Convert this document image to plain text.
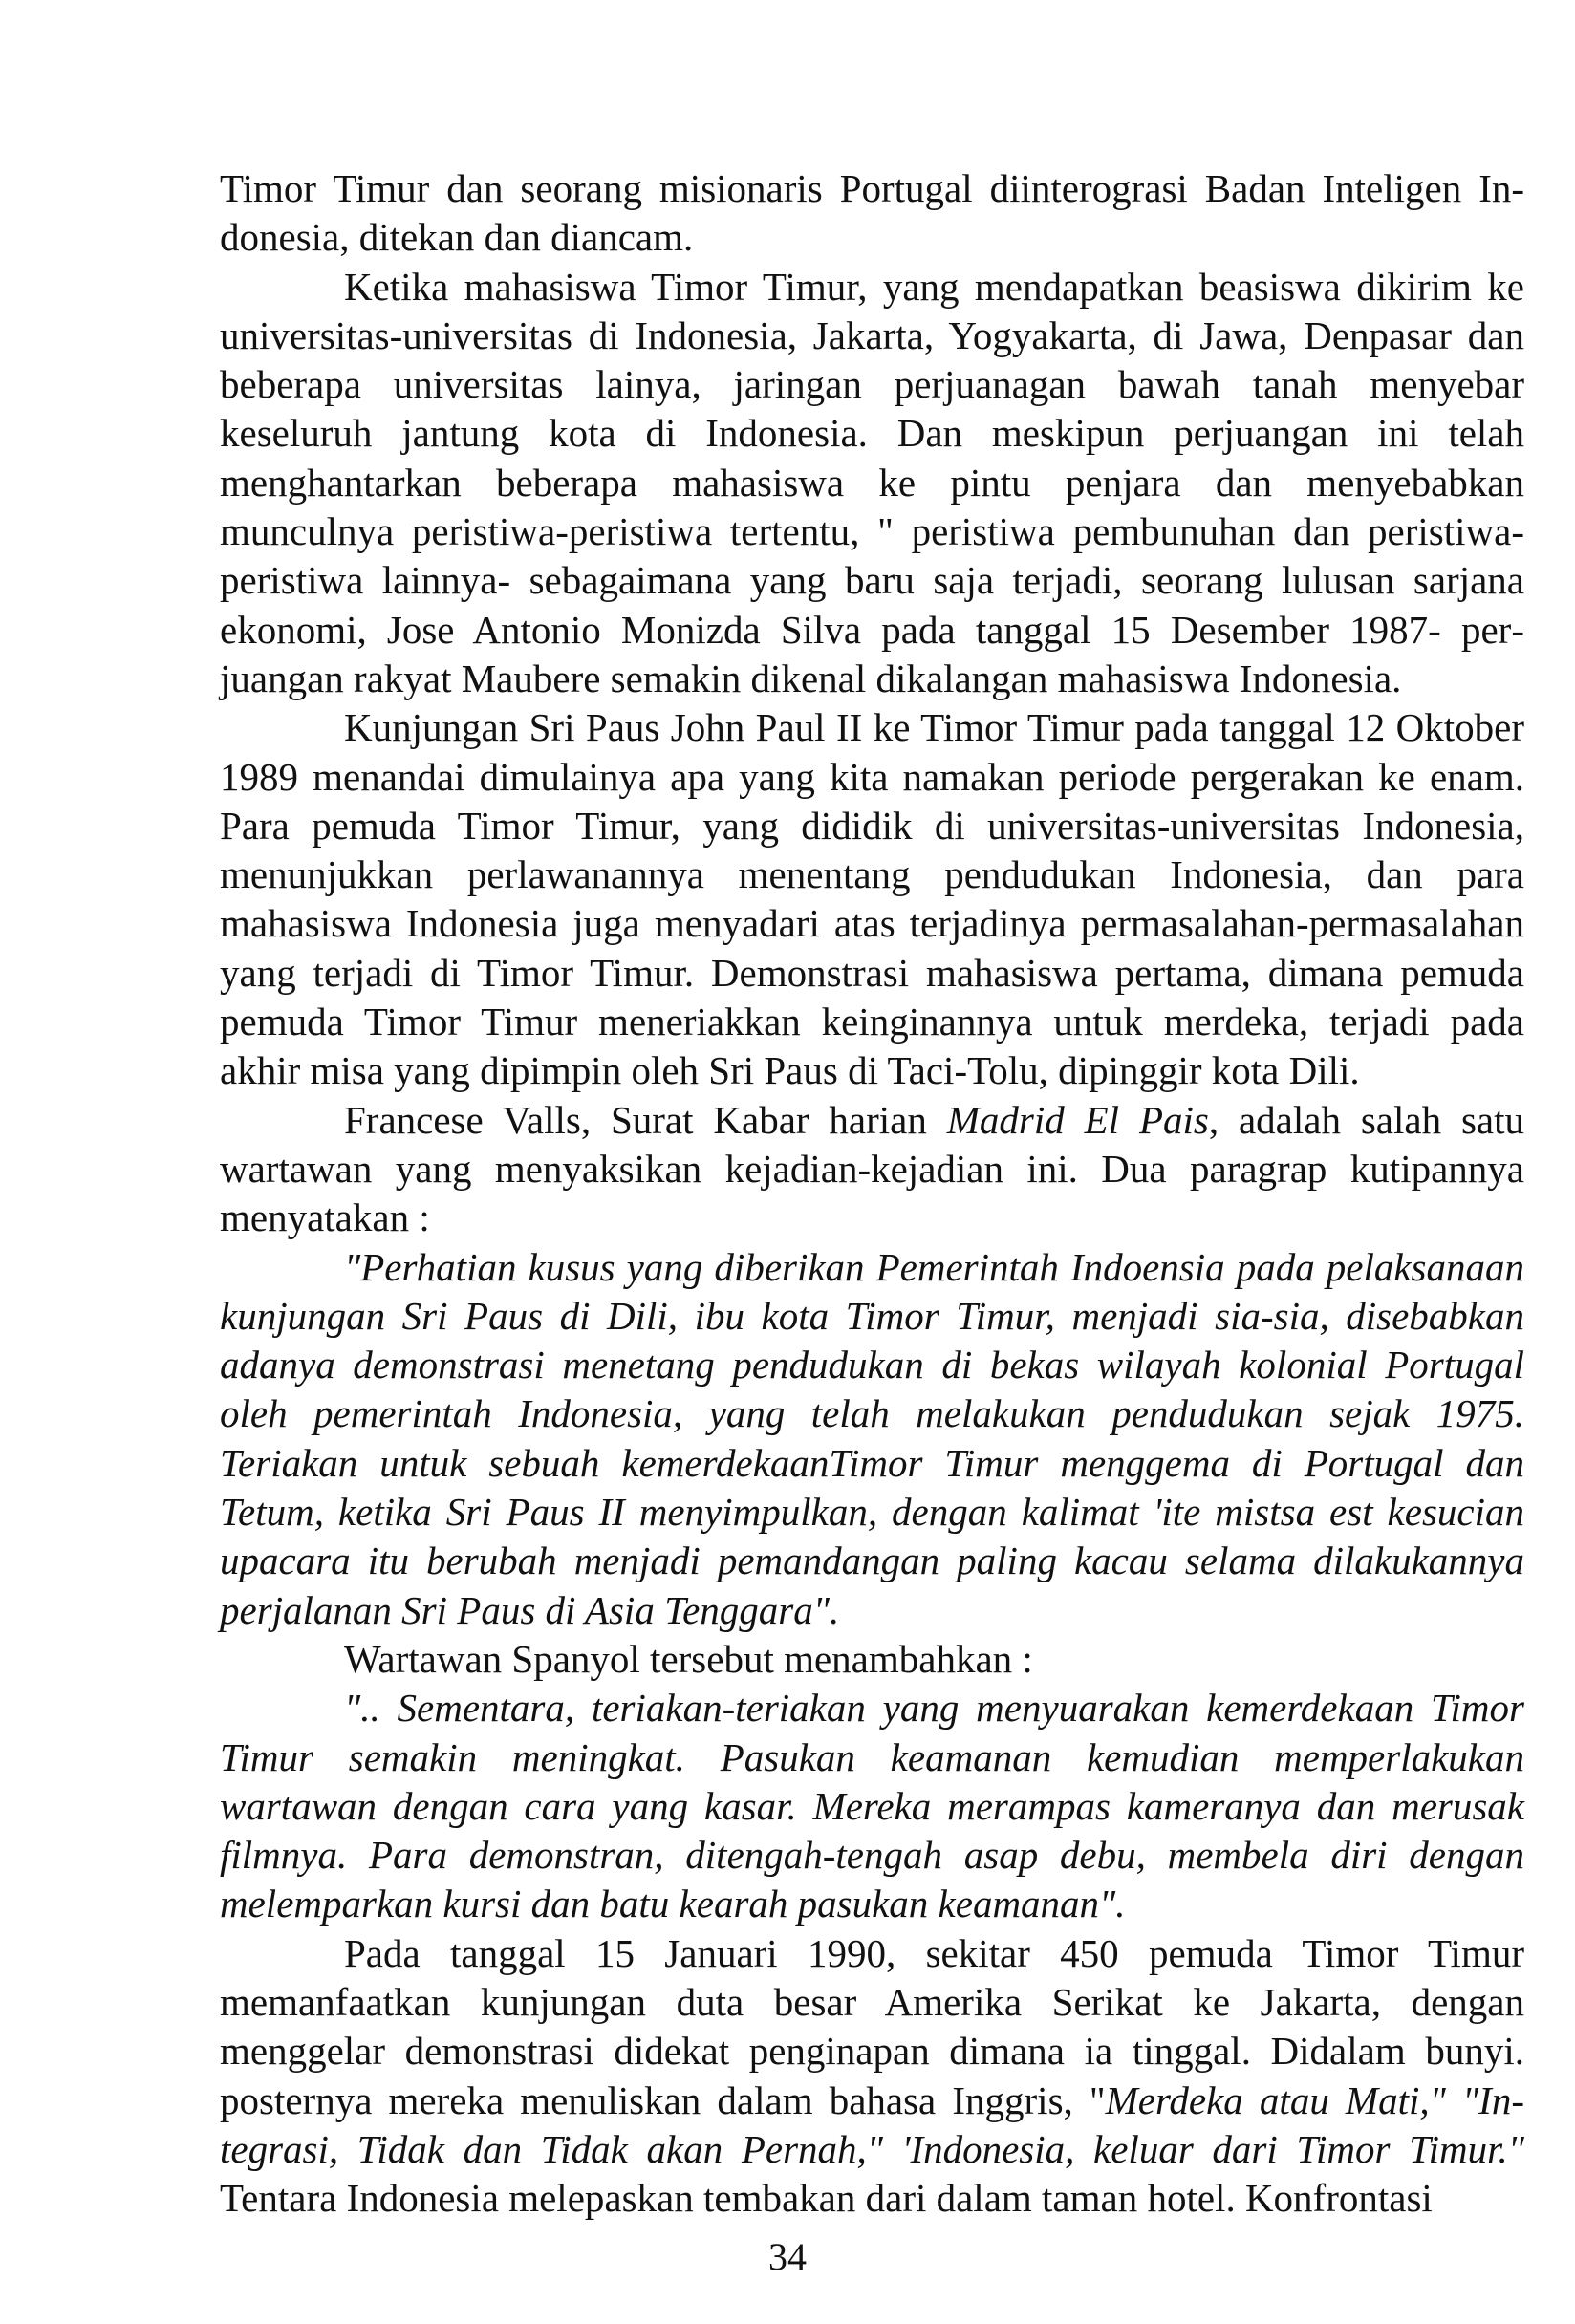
Timor Timur dan seorang misionaris Portugal diinterograsi Badan Inteligen Indonesia, ditekan dan diancam.

Ketika mahasiswa Timor Timur, yang mendapatkan beasiswa dikirim ke universitas-universitas di Indonesia, Jakarta, Yogyakarta, di Jawa, Denpasar dan beberapa universitas lainya, jaringan perjuanagan bawah tanah menyebar keseluruh jantung kota di Indonesia. Dan meskipun perjuangan ini telah menghantarkan beberapa mahasiswa ke pintu penjara dan menyebabkan munculnya peristiwa-peristiwa tertentu, " peristiwa pembunuhan dan peristiwaperistiwa lainnya- sebagaimana yang baru saja terjadi, seorang lulusan sarjana ekonomi, Jose Antonio Monizda Silva pada tanggal 15 Desember 1987- perjuangan rakyat Maubere semakin dikenal dikalangan mahasiswa Indonesia.

Kunjungan Sri Paus John Paul II ke Timor Timur pada tanggal 12 Oktober 1989 menandai dimulainya apa yang kita namakan periode pergerakan ke enam. Para pemuda Timor Timur, yang dididik di universitas-universitas Indonesia, menunjukkan perlawanannya menentang pendudukan Indonesia, dan para mahasiswa Indonesia juga menyadari atas terjadinya permasalahan-permasalahan yang terjadi di Timor Timur. Demonstrasi mahasiswa pertama, dimana pemuda pemuda Timor Timur meneriakkan keinginannya untuk merdeka, terjadi pada akhir misa yang dipimpin oleh Sri Paus di Taci-Tolu, dipinggir kota Dili.

Francese Valls, Surat Kabar harian Madrid El Pais, adalah salah satu wartawan yang menyaksikan kejadian-kejadian ini. Dua paragrap kutipannya menyatakan :

"Perhatian kusus yang diberikan Pemerintah Indoensia pada pelaksanaan kunjungan Sri Paus di Dili, ibu kota Timor Timur, menjadi sia-sia, disebabkan adanya demonstrasi menetang pendudukan di bekas wilayah kolonial Portugal oleh pemerintah Indonesia, yang telah melakukan pendudukan sejak 1975. Teriakan untuk sebuah kemerdekaanTimor Timur menggema di Portugal dan Tetum, ketika Sri Paus II menyimpulkan, dengan kalimat 'ite mistsa est kesucian upacara itu berubah menjadi pemandangan paling kacau selama dilakukannya perjalanan Sri Paus di Asia Tenggara".

Wartawan Spanyol tersebut menambahkan :

".. Sementara, teriakan-teriakan yang menyuarakan kemerdekaan Timor Timur semakin meningkat. Pasukan keamanan kemudian memperlakukan wartawan dengan cara yang kasar. Mereka merampas kameranya dan merusak filmnya. Para demonstran, ditengah-tengah asap debu, membela diri dengan melemparkan kursi dan batu kearah pasukan keamanan".

Pada tanggal 15 Januari 1990, sekitar 450 pemuda Timor Timur memanfaatkan kunjungan duta besar Amerika Serikat ke Jakarta, dengan menggelar demonstrasi didekat penginapan dimana ia tinggal. Didalam bunyi. posternya mereka menuliskan dalam bahasa Inggris, "Merdeka atau Mati," "Integrasi, Tidak dan Tidak akan Pernah," 'Indonesia, keluar dari Timor Timur." Tentara Indonesia melepaskan tembakan dari dalam taman hotel. Konfrontasi

34
